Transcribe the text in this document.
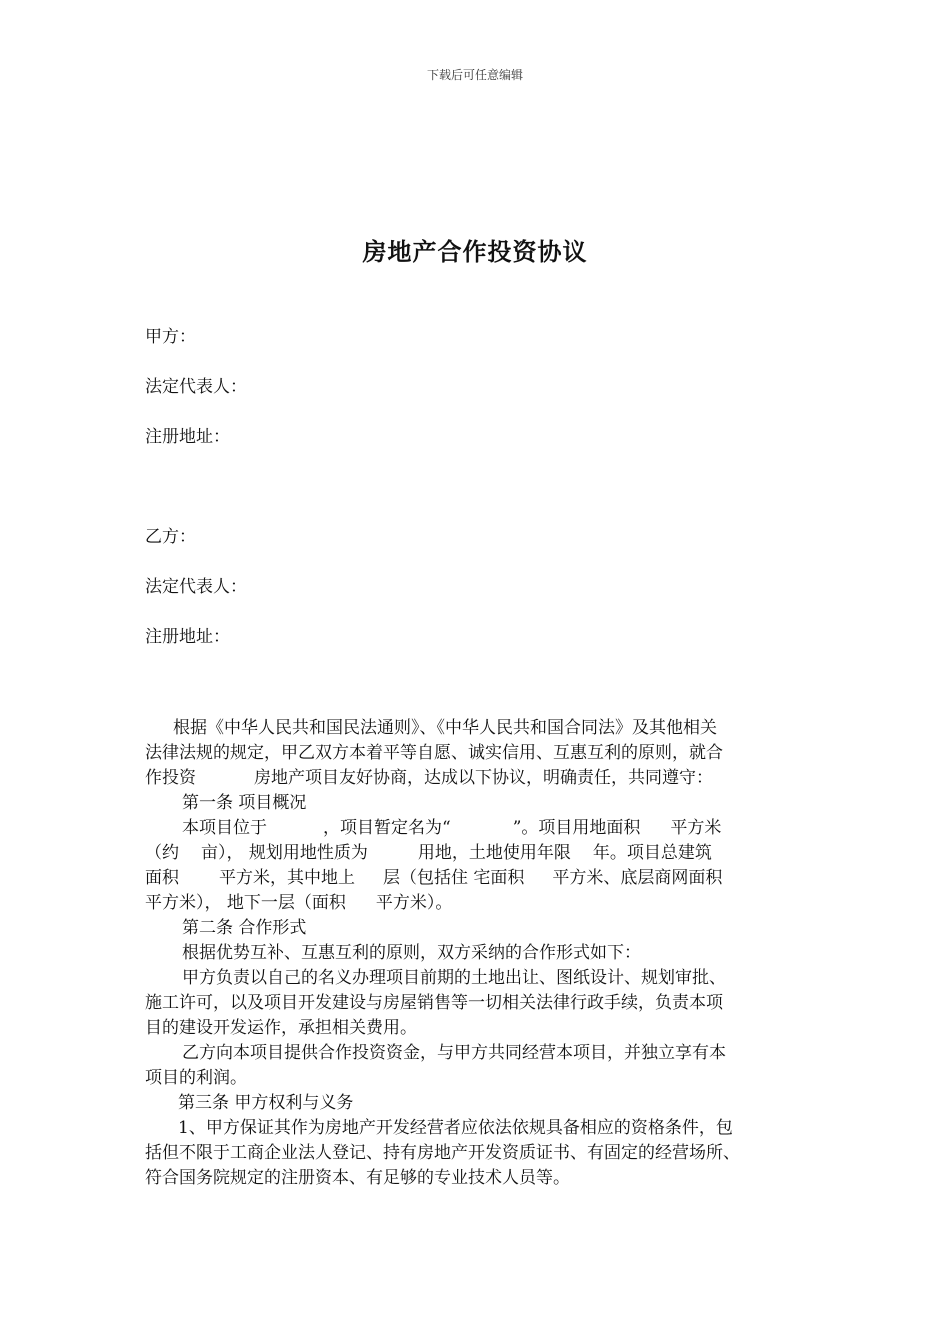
下载后可任意编辑
房地产合作投资协议
甲方：
法定代表人：
注册地址：
乙方：
法定代表人：
注册地址：

根据《中华人民共和国民法通则》、《中华人民共和国合同法》及其他相关

法律法规的规定，甲乙双方本着平等自愿、诚实信用、互惠互利的原则，就合

作投资	房地产项目友好协商，达成以下协议，明确责任，共同遵守：

第一条 项目概况

本项目位于	，项目暂定名为“	”。项目用地面积 平方米

（约 亩）， 规划用地性质为	用地，土地使用年限 年。项目总建筑

面积 平方米，其中地上 层（包括住 宅面积 平方米、底层商网面积

平方米）， 地下一层（面积 平方米）。

第二条 合作形式

根据优势互补、互惠互利的原则，双方采纳的合作形式如下：

甲方负责以自己的名义办理项目前期的土地出让、图纸设计、规划审批、

施工许可，以及项目开发建设与房屋销售等一切相关法律行政手续，负责本项

目的建设开发运作，承担相关费用。

乙方向本项目提供合作投资资金，与甲方共同经营本项目，并独立享有本

项目的利润。

第三条 甲方权利与义务

1、甲方保证其作为房地产开发经营者应依法依规具备相应的资格条件，包

括但不限于工商企业法人登记、持有房地产开发资质证书、有固定的经营场所、

符合国务院规定的注册资本、有足够的专业技术人员等。
